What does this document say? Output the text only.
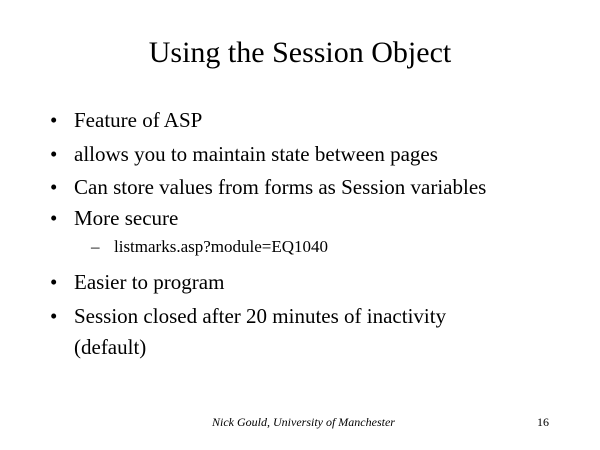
Using the Session Object
• Feature of ASP
• allows you to maintain state between pages
• Can store values from forms as Session variables
• More secure
– listmarks.asp?module=EQ1040
• Easier to program
• Session closed after 20 minutes of inactivity
(default)
Nick Gould, University of Manchester	16
